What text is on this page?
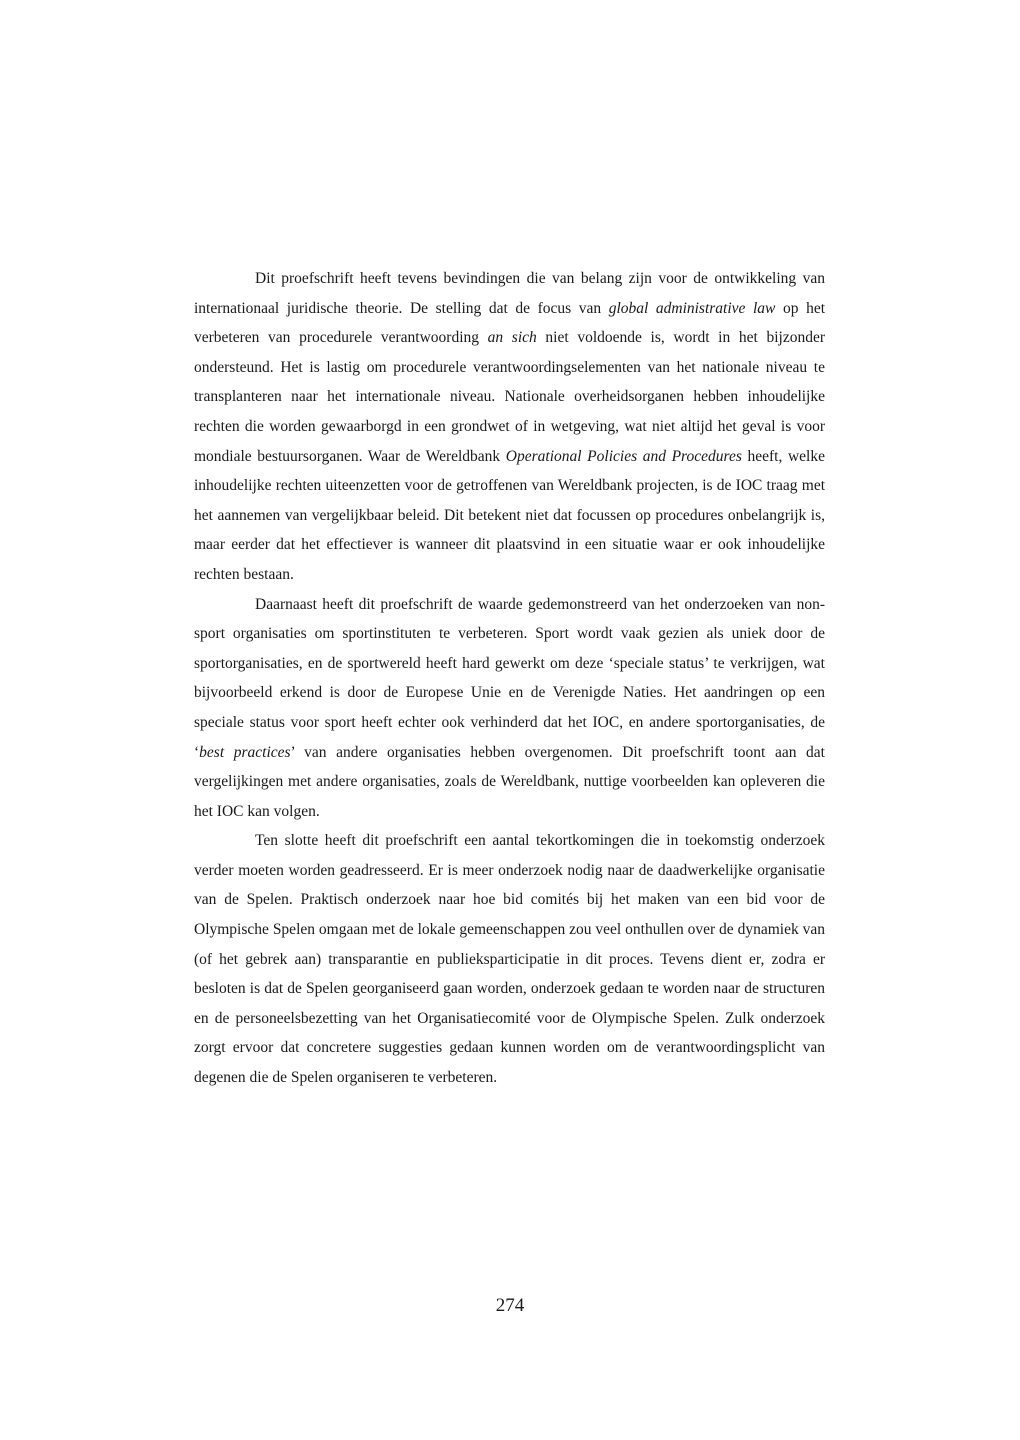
Dit proefschrift heeft tevens bevindingen die van belang zijn voor de ontwikkeling van internationaal juridische theorie. De stelling dat de focus van global administrative law op het verbeteren van procedurele verantwoording an sich niet voldoende is, wordt in het bijzonder ondersteund. Het is lastig om procedurele verantwoordingselementen van het nationale niveau te transplanteren naar het internationale niveau. Nationale overheidsorganen hebben inhoudelijke rechten die worden gewaarborgd in een grondwet of in wetgeving, wat niet altijd het geval is voor mondiale bestuursorganen. Waar de Wereldbank Operational Policies and Procedures heeft, welke inhoudelijke rechten uiteenzetten voor de getroffenen van Wereldbank projecten, is de IOC traag met het aannemen van vergelijkbaar beleid. Dit betekent niet dat focussen op procedures onbelangrijk is, maar eerder dat het effectiever is wanneer dit plaatsvind in een situatie waar er ook inhoudelijke rechten bestaan.

Daarnaast heeft dit proefschrift de waarde gedemonstreerd van het onderzoeken van non-sport organisaties om sportinstituten te verbeteren. Sport wordt vaak gezien als uniek door de sportorganisaties, en de sportwereld heeft hard gewerkt om deze ‘speciale status’ te verkrijgen, wat bijvoorbeeld erkend is door de Europese Unie en de Verenigde Naties. Het aandringen op een speciale status voor sport heeft echter ook verhinderd dat het IOC, en andere sportorganisaties, de ‘best practices’ van andere organisaties hebben overgenomen. Dit proefschrift toont aan dat vergelijkingen met andere organisaties, zoals de Wereldbank, nuttige voorbeelden kan opleveren die het IOC kan volgen.

Ten slotte heeft dit proefschrift een aantal tekortkomingen die in toekomstig onderzoek verder moeten worden geadresseerd. Er is meer onderzoek nodig naar de daadwerkelijke organisatie van de Spelen. Praktisch onderzoek naar hoe bid comités bij het maken van een bid voor de Olympische Spelen omgaan met de lokale gemeenschappen zou veel onthullen over de dynamiek van (of het gebrek aan) transparantie en publieksparticipatie in dit proces. Tevens dient er, zodra er besloten is dat de Spelen georganiseerd gaan worden, onderzoek gedaan te worden naar de structuren en de personeelsbezetting van het Organisatiecomité voor de Olympische Spelen. Zulk onderzoek zorgt ervoor dat concretere suggesties gedaan kunnen worden om de verantwoordingsplicht van degenen die de Spelen organiseren te verbeteren.

274
